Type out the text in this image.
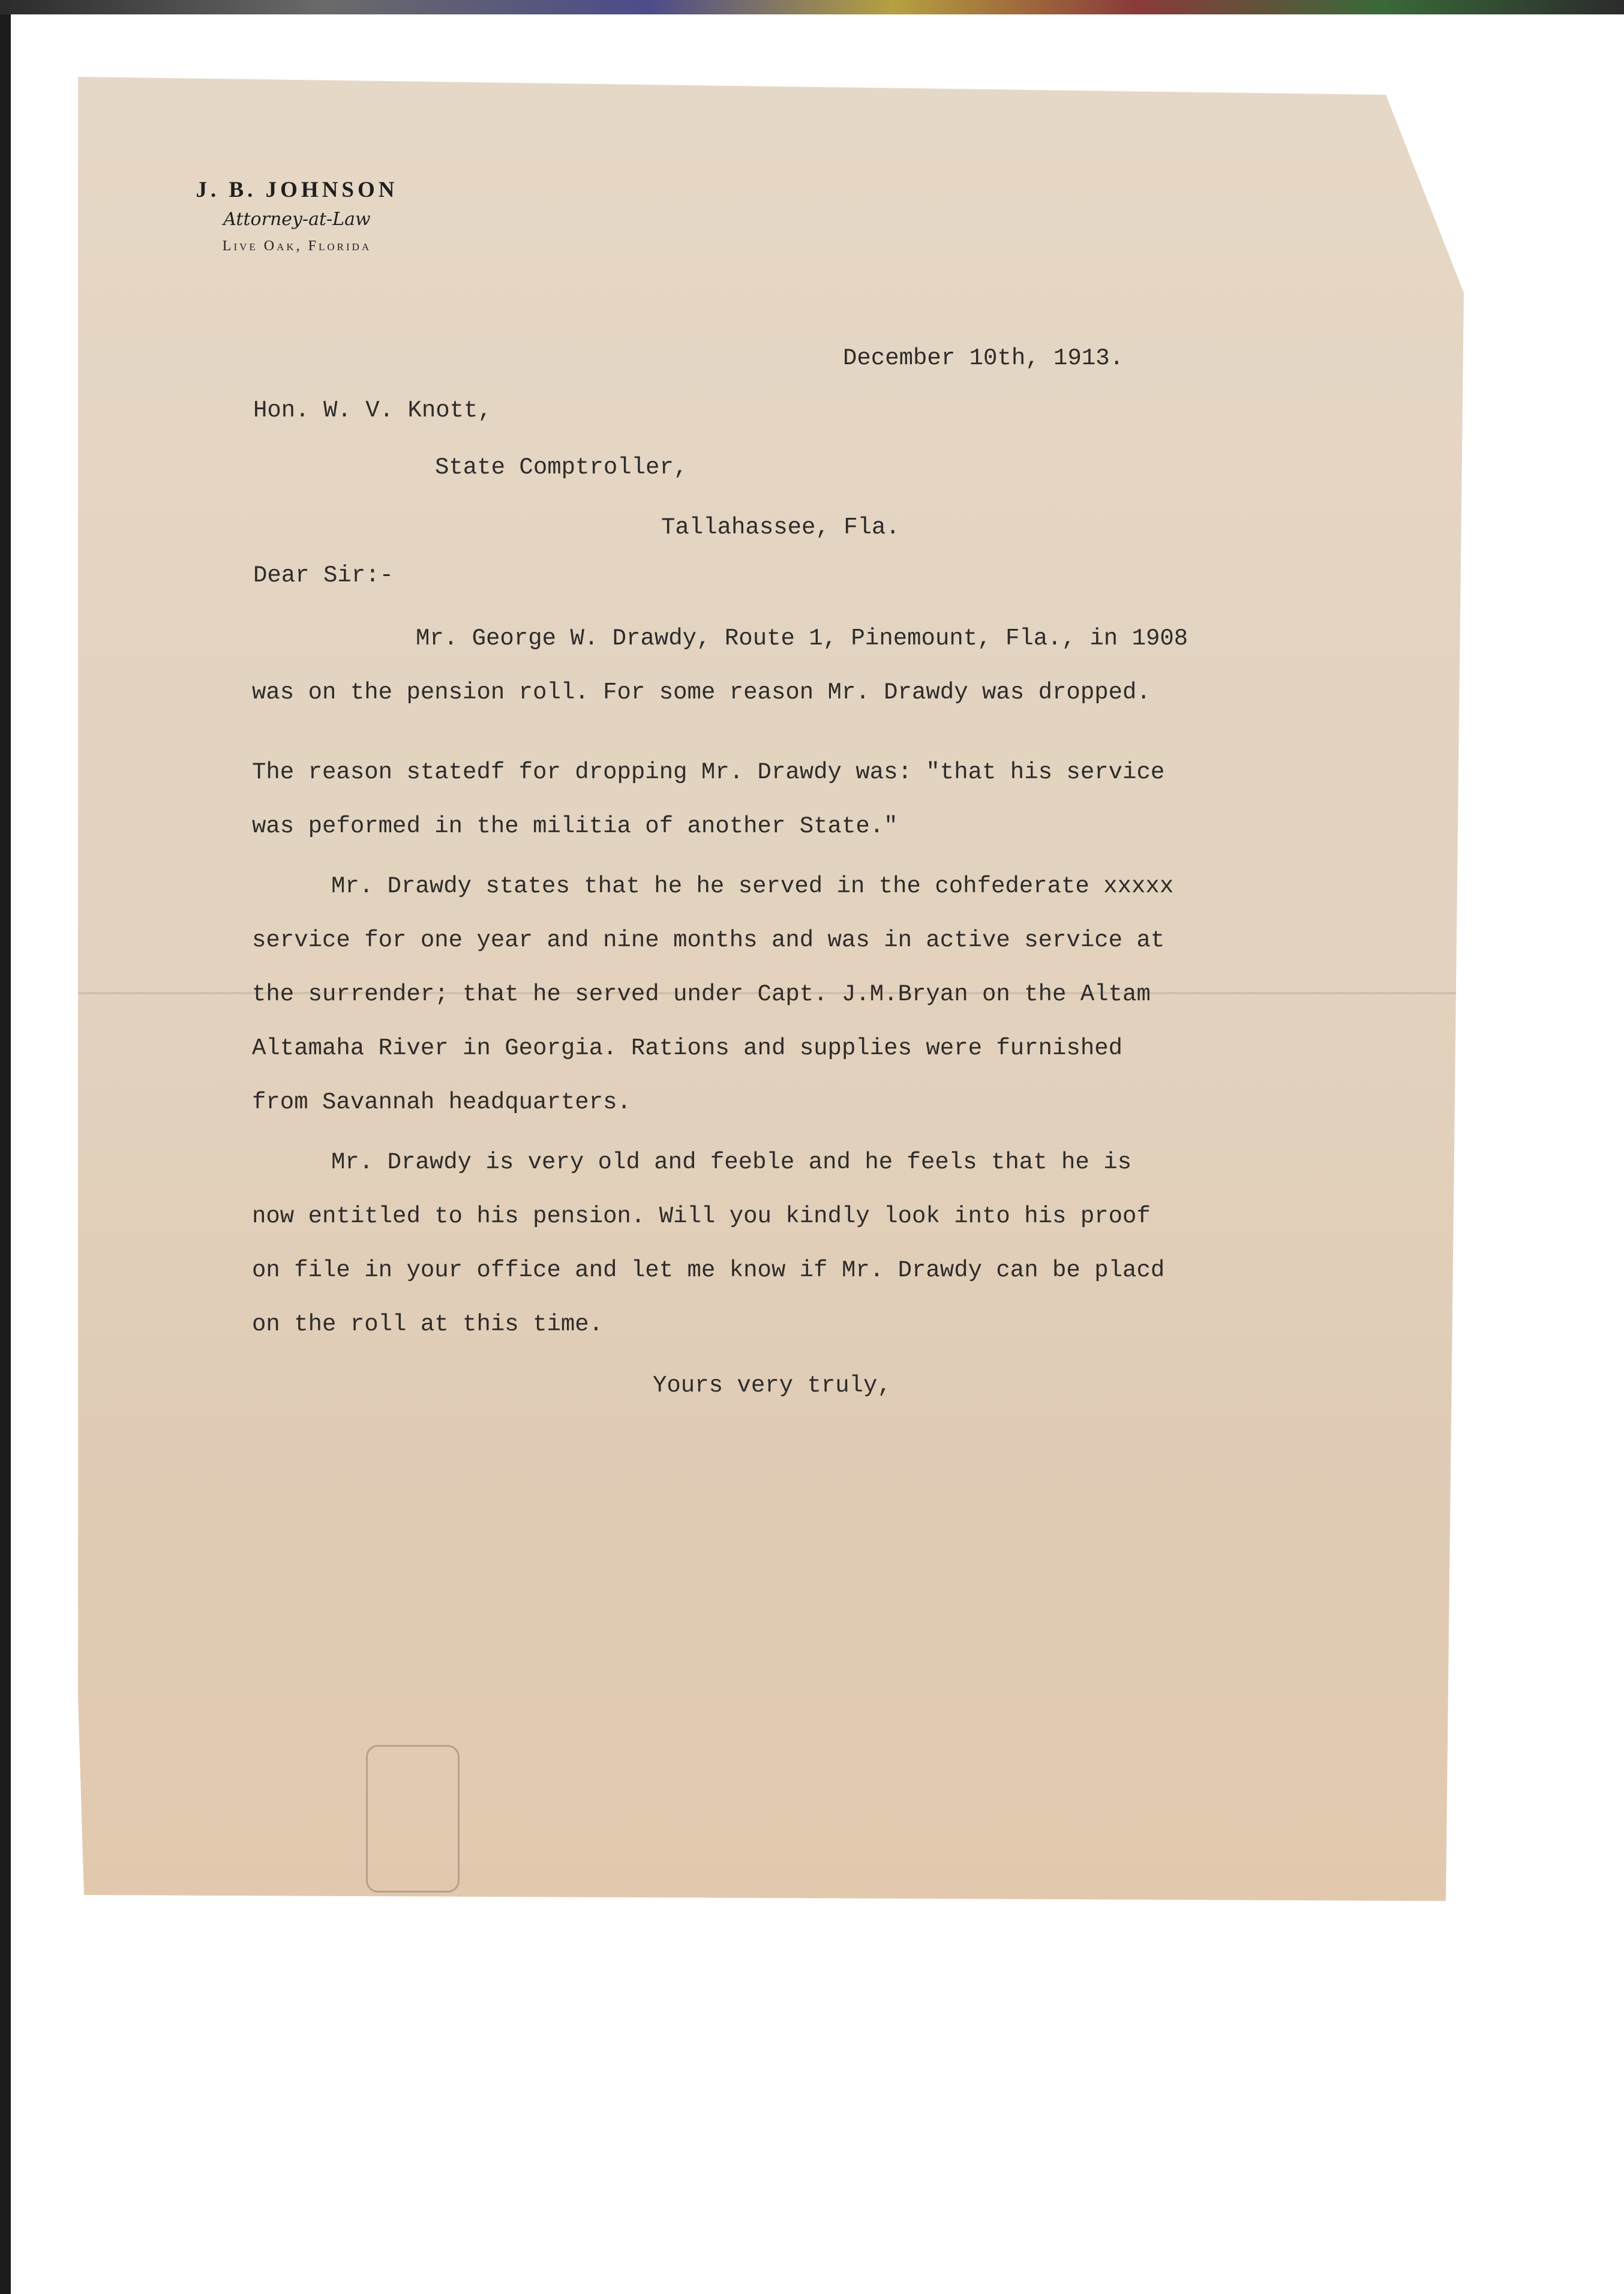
J. B. JOHNSON
Attorney-at-Law
Live Oak, Florida
December 10th, 1913.
Hon. W. V. Knott,
State Comptroller,
Tallahassee, Fla.
Dear Sir:-
Mr. George W. Drawdy, Route 1, Pinemount, Fla., in 1908
was on the pension roll. For some reason Mr. Drawdy was dropped.
The reason statedf for dropping Mr. Drawdy was: "that his service
was peformed in the militia of another State."
Mr. Drawdy states that he he served in the cohfederate xxxxx
service for one year and nine months and was in active service at
the surrender; that he served under Capt. J.M.Bryan on the Altam
Altamaha River in Georgia. Rations and supplies were furnished
from Savannah headquarters.
Mr. Drawdy is very old and feeble and he feels that he is
now entitled to his pension. Will you kindly look into his proof
on file in your office and let me know if Mr. Drawdy can be placd
on the roll at this time.
Yours very truly,
